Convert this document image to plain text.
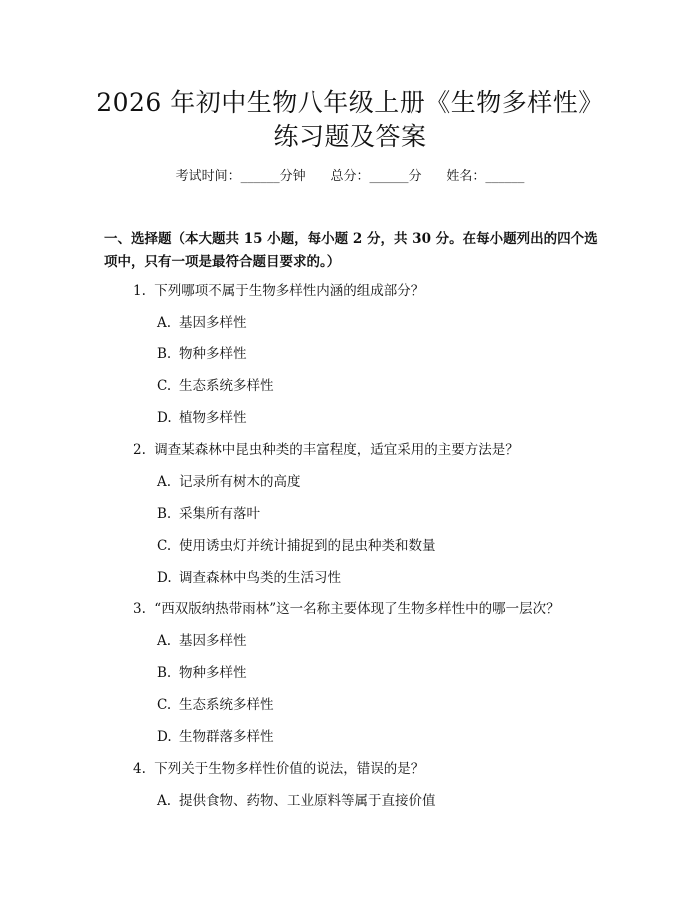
2026 年初中生物八年级上册《生物多样性》
练习题及答案
考试时间：______分钟 总分：______分 姓名：______
一、选择题（本大题共 15 小题，每小题 2 分，共 30 分。在每小题列出的四个选
项中，只有一项是最符合题目要求的。）
1. 下列哪项不属于生物多样性内涵的组成部分？
A. 基因多样性
B. 物种多样性
C. 生态系统多样性
D. 植物多样性
2. 调查某森林中昆虫种类的丰富程度，适宜采用的主要方法是？
A. 记录所有树木的高度
B. 采集所有落叶
C. 使用诱虫灯并统计捕捉到的昆虫种类和数量
D. 调查森林中鸟类的生活习性
3. “西双版纳热带雨林”这一名称主要体现了生物多样性中的哪一层次？
A. 基因多样性
B. 物种多样性
C. 生态系统多样性
D. 生物群落多样性
4. 下列关于生物多样性价值的说法，错误的是？
A. 提供食物、药物、工业原料等属于直接价值
